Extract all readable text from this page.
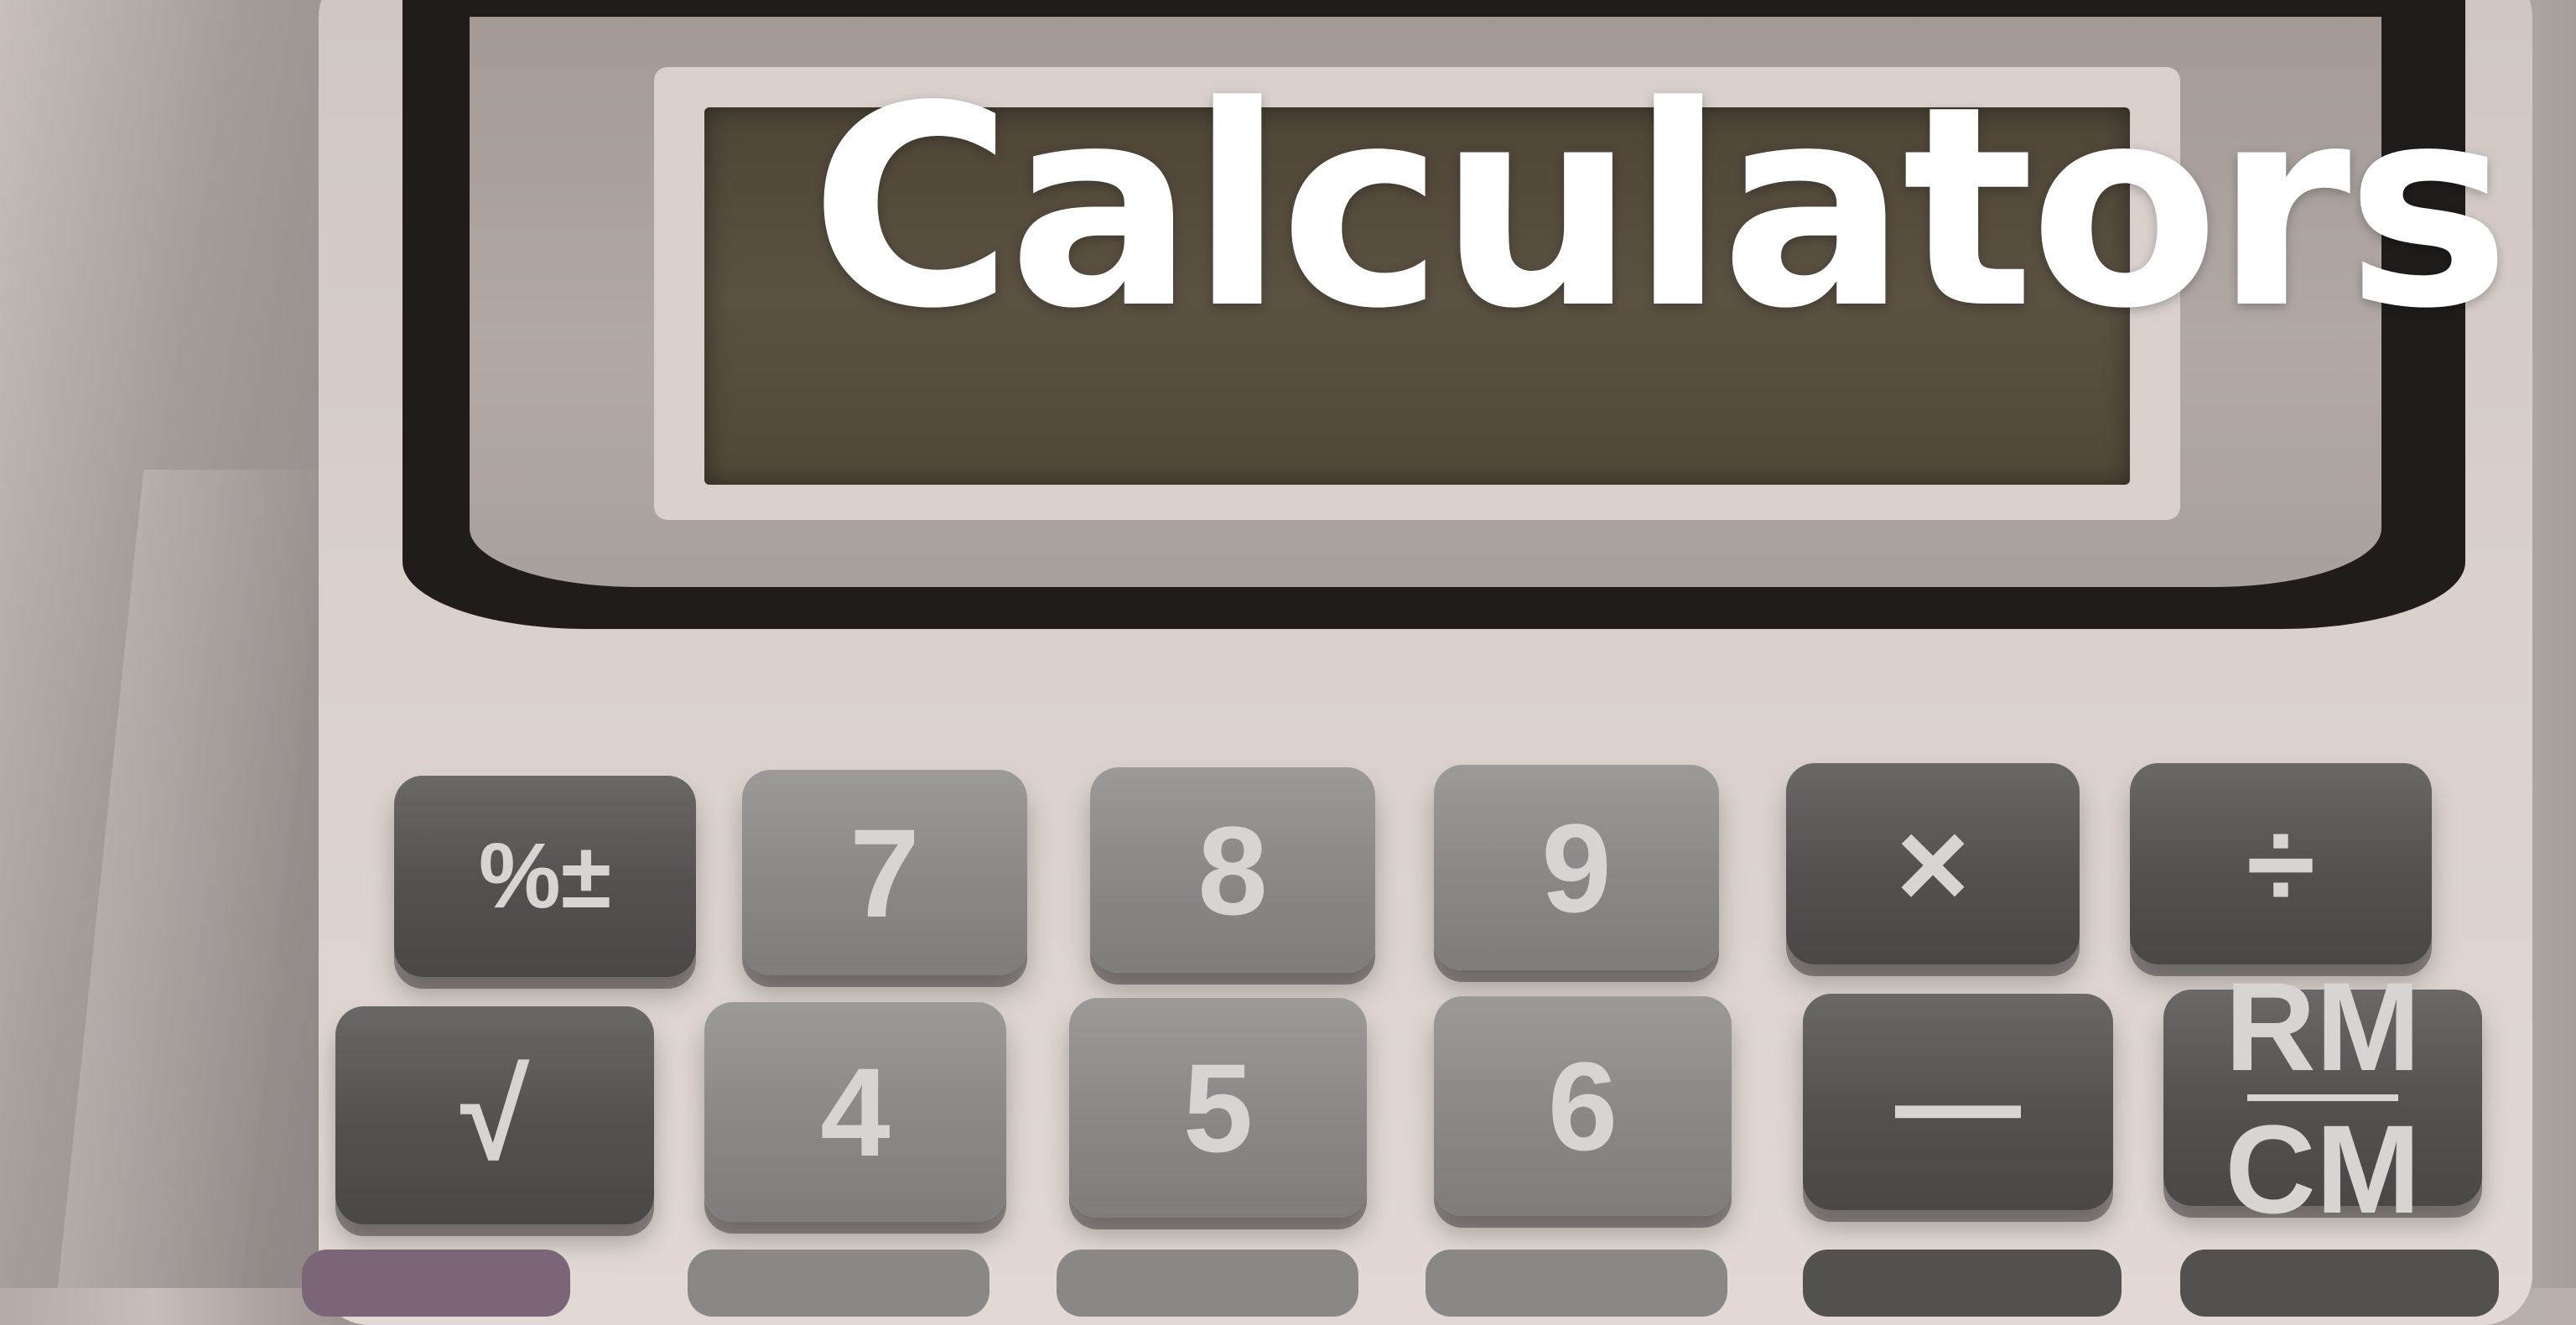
%± 7 8 9 × ÷
√ 4 5 6 —
RM
CM
Calculators
